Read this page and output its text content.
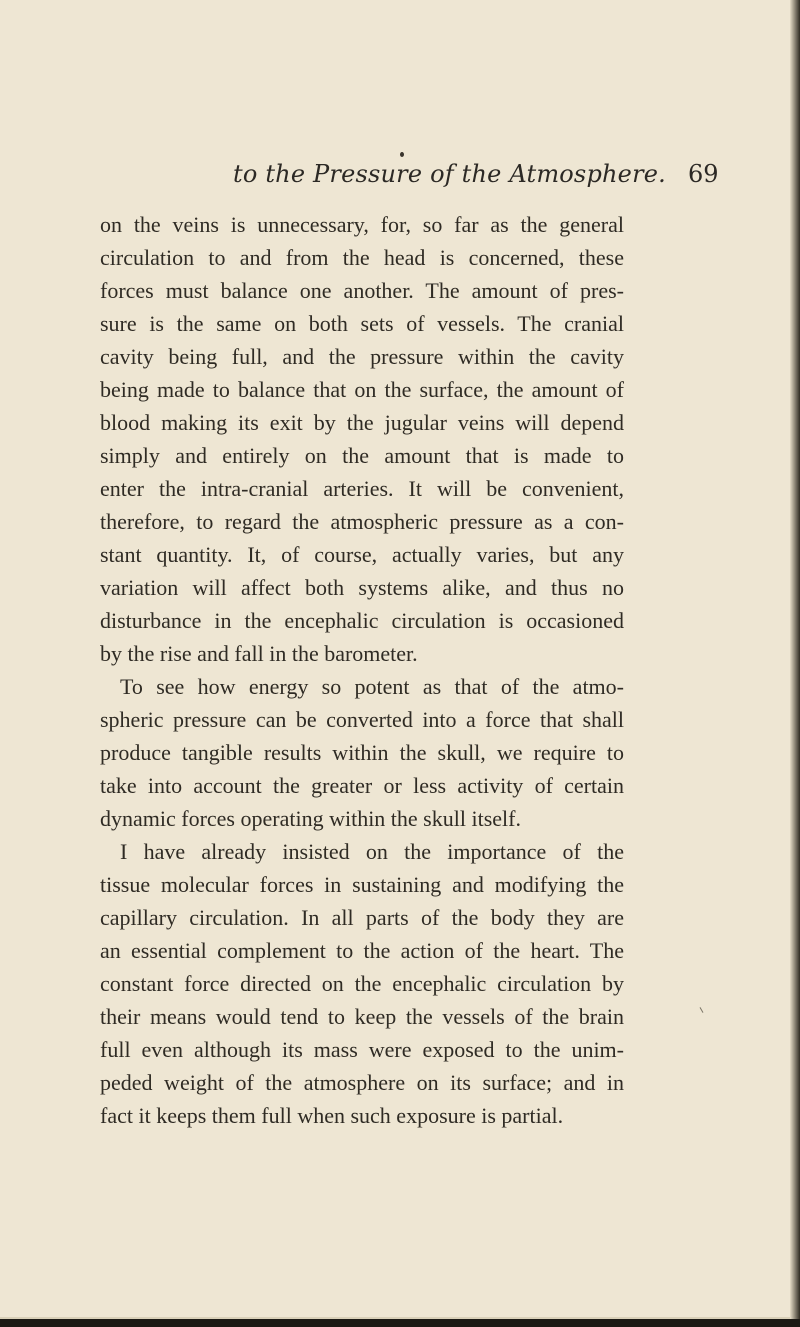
to the Pressure of the Atmosphere. 69
on the veins is unnecessary, for, so far as the general
circulation to and from the head is concerned, these
forces must balance one another. The amount of pres-
sure is the same on both sets of vessels. The cranial
cavity being full, and the pressure within the cavity
being made to balance that on the surface, the amount of
blood making its exit by the jugular veins will depend
simply and entirely on the amount that is made to
enter the intra-cranial arteries. It will be convenient,
therefore, to regard the atmospheric pressure as a con-
stant quantity. It, of course, actually varies, but any
variation will affect both systems alike, and thus no
disturbance in the encephalic circulation is occasioned
by the rise and fall in the barometer.
To see how energy so potent as that of the atmo-
spheric pressure can be converted into a force that shall
produce tangible results within the skull, we require to
take into account the greater or less activity of certain
dynamic forces operating within the skull itself.
I have already insisted on the importance of the
tissue molecular forces in sustaining and modifying the
capillary circulation. In all parts of the body they are
an essential complement to the action of the heart. The
constant force directed on the encephalic circulation by
their means would tend to keep the vessels of the brain
full even although its mass were exposed to the unim-
peded weight of the atmosphere on its surface; and in
fact it keeps them full when such exposure is partial.
